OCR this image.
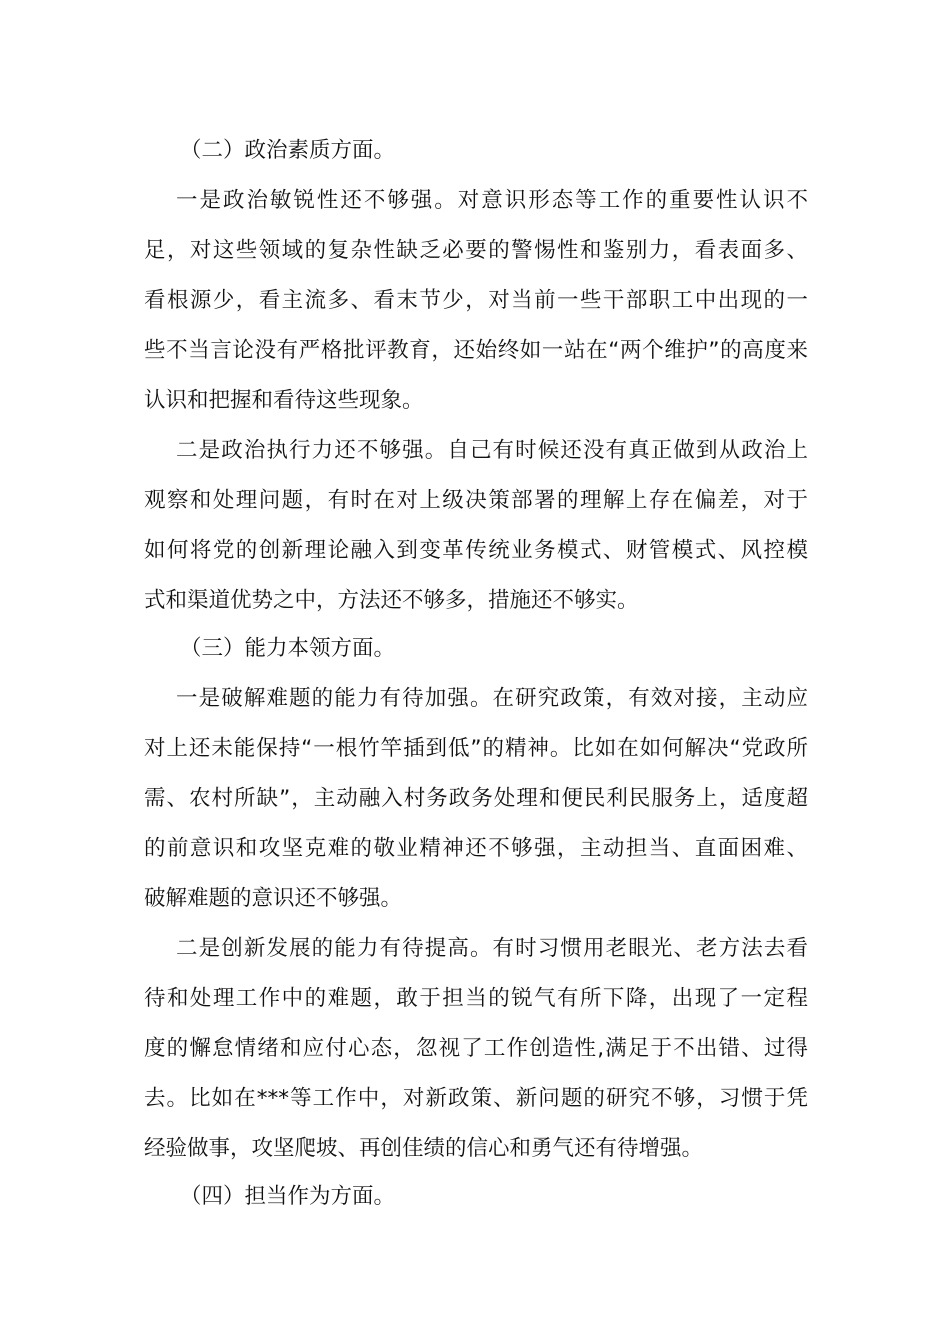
（二）政治素质方面。
一是政治敏锐性还不够强。对意识形态等工作的重要性认识不
足，对这些领域的复杂性缺乏必要的警惕性和鉴别力，看表面多、
看根源少，看主流多、看末节少，对当前一些干部职工中出现的一
些不当言论没有严格批评教育，还始终如一站在“两个维护”的高度来
认识和把握和看待这些现象。
二是政治执行力还不够强。自己有时候还没有真正做到从政治上
观察和处理问题，有时在对上级决策部署的理解上存在偏差，对于
如何将党的创新理论融入到变革传统业务模式、财管模式、风控模
式和渠道优势之中，方法还不够多，措施还不够实。
（三）能力本领方面。
一是破解难题的能力有待加强。在研究政策，有效对接，主动应
对上还未能保持“一根竹竿插到低”的精神。比如在如何解决“党政所
需、农村所缺”，主动融入村务政务处理和便民利民服务上，适度超
的前意识和攻坚克难的敬业精神还不够强，主动担当、直面困难、
破解难题的意识还不够强。
二是创新发展的能力有待提高。有时习惯用老眼光、老方法去看
待和处理工作中的难题，敢于担当的锐气有所下降，出现了一定程
度的懈怠情绪和应付心态，忽视了工作创造性,满足于不出错、过得
去。比如在***等工作中，对新政策、新问题的研究不够，习惯于凭
经验做事，攻坚爬坡、再创佳绩的信心和勇气还有待增强。
（四）担当作为方面。
